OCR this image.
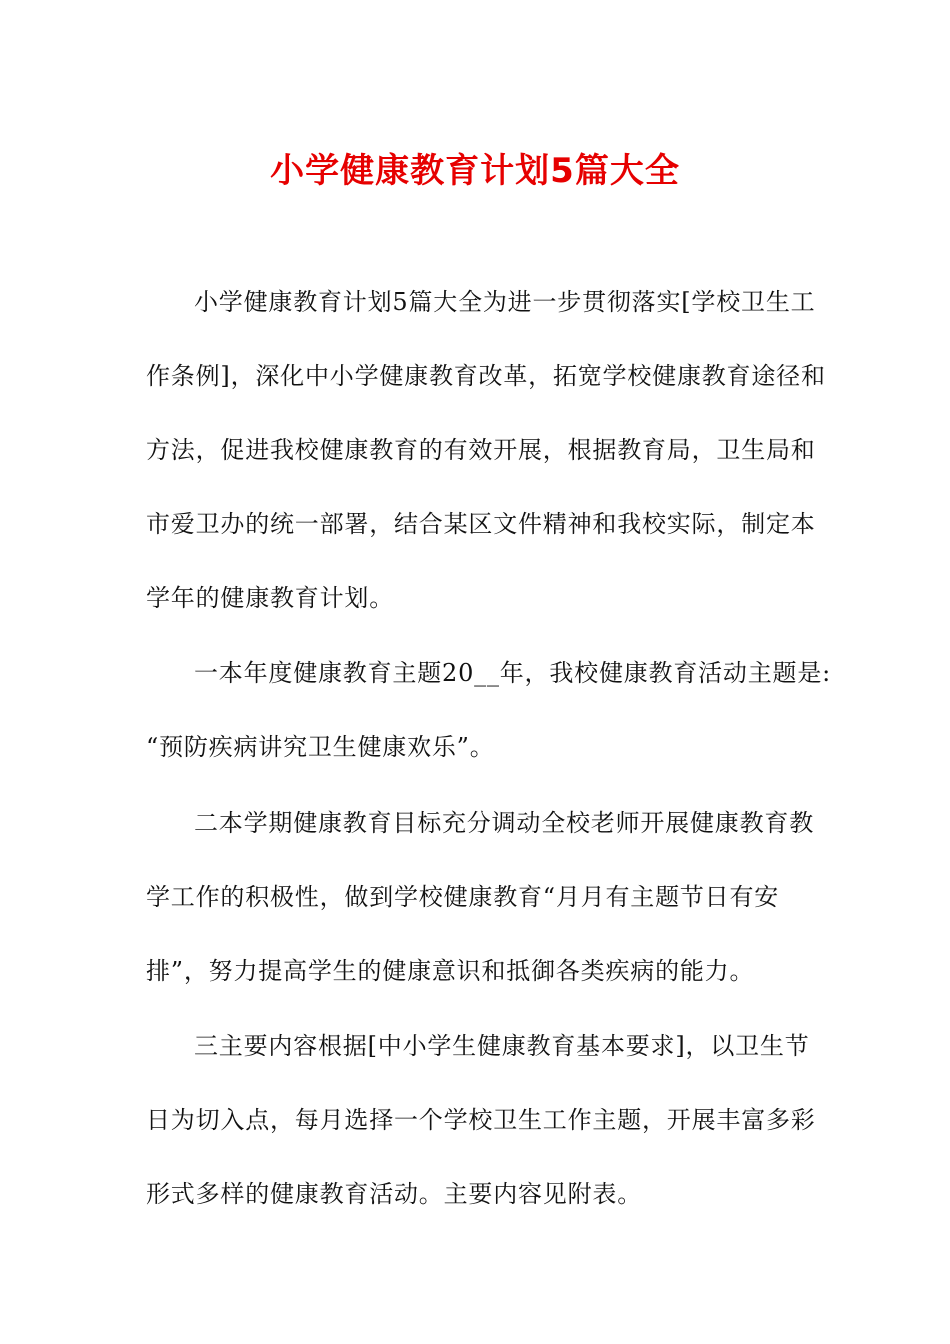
小学健康教育计划5篇大全
小学健康教育计划5篇大全为进一步贯彻落实[学校卫生工
作条例]，深化中小学健康教育改革，拓宽学校健康教育途径和
方法，促进我校健康教育的有效开展，根据教育局，卫生局和
市爱卫办的统一部署，结合某区文件精神和我校实际，制定本
学年的健康教育计划。
一本年度健康教育主题20__年，我校健康教育活动主题是:
“预防疾病讲究卫生健康欢乐”。
二本学期健康教育目标充分调动全校老师开展健康教育教
学工作的积极性，做到学校健康教育“月月有主题节日有安
排”，努力提高学生的健康意识和抵御各类疾病的能力。
三主要内容根据[中小学生健康教育基本要求]，以卫生节
日为切入点，每月选择一个学校卫生工作主题，开展丰富多彩
形式多样的健康教育活动。主要内容见附表。
